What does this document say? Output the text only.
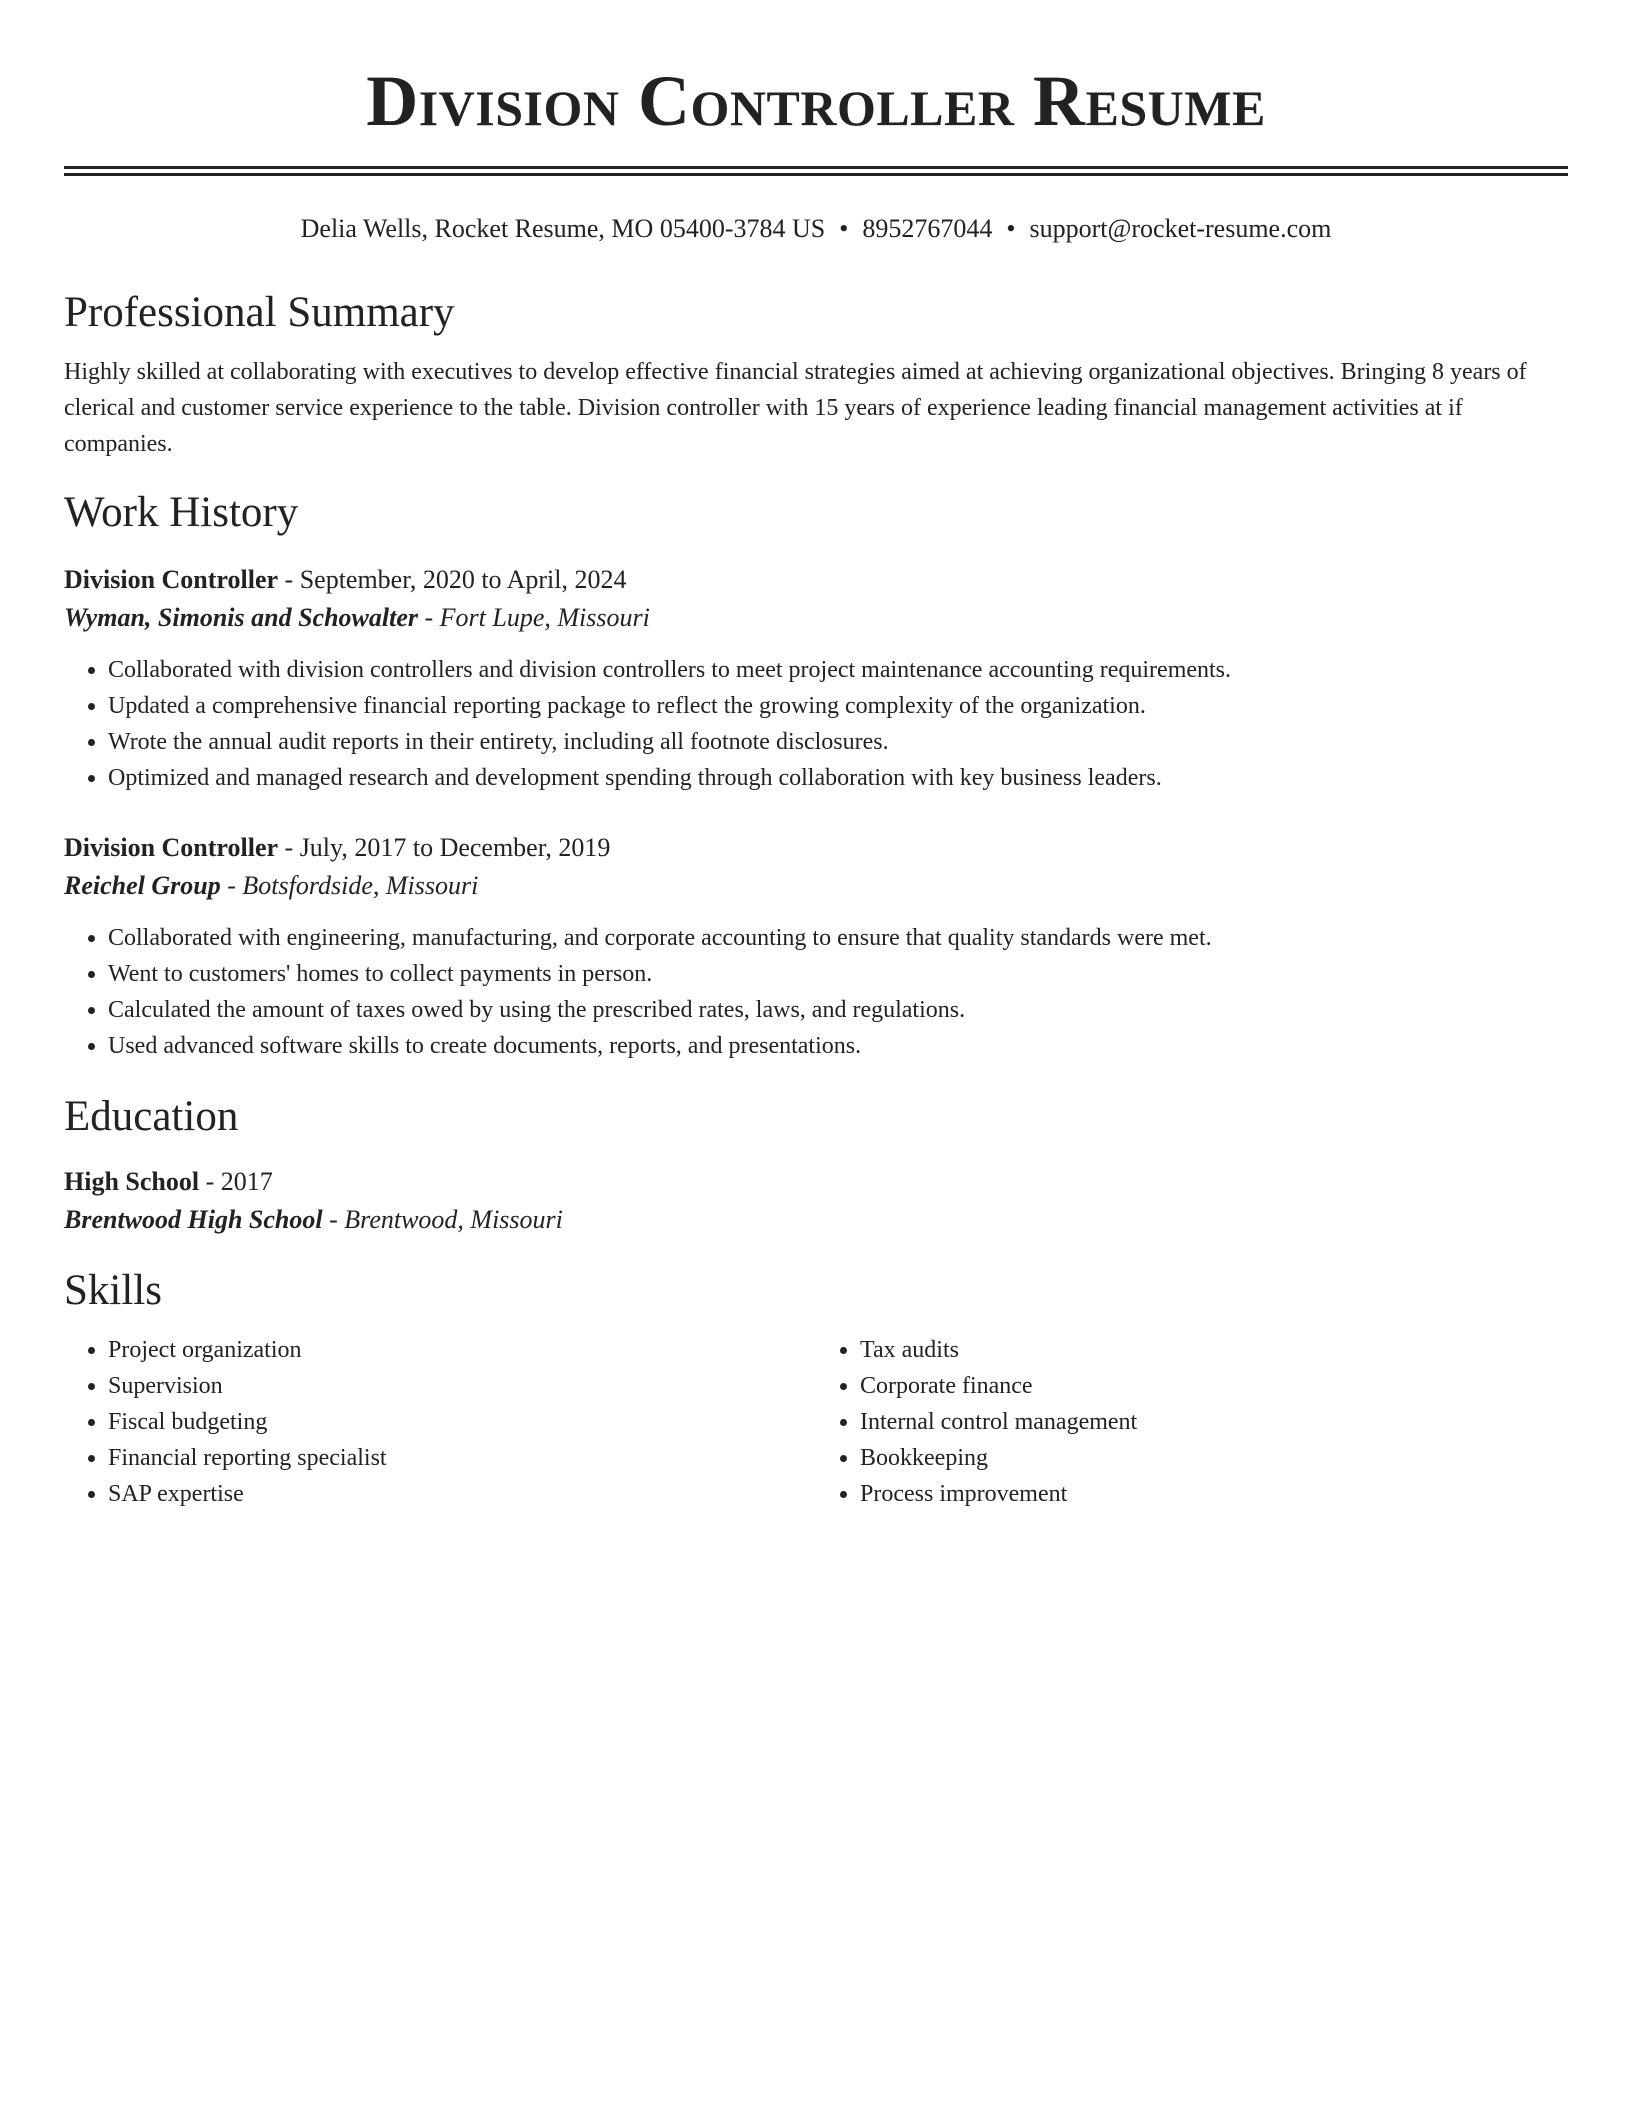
Division Controller Resume
Delia Wells, Rocket Resume, MO 05400-3784 US • 8952767044 • support@rocket-resume.com
Professional Summary

Highly skilled at collaborating with executives to develop effective financial strategies aimed at achieving organizational objectives. Bringing 8 years of clerical and customer service experience to the table. Division controller with 15 years of experience leading financial management activities at if companies.

Work History
Division Controller - September, 2020 to April, 2024
Wyman, Simonis and Schowalter - Fort Lupe, Missouri
• Collaborated with division controllers and division controllers to meet project maintenance accounting requirements.
• Updated a comprehensive financial reporting package to reflect the growing complexity of the organization.
• Wrote the annual audit reports in their entirety, including all footnote disclosures.
• Optimized and managed research and development spending through collaboration with key business leaders.
Division Controller - July, 2017 to December, 2019
Reichel Group - Botsfordside, Missouri
• Collaborated with engineering, manufacturing, and corporate accounting to ensure that quality standards were met.
• Went to customers' homes to collect payments in person.
• Calculated the amount of taxes owed by using the prescribed rates, laws, and regulations.
• Used advanced software skills to create documents, reports, and presentations.
Education
High School - 2017
Brentwood High School - Brentwood, Missouri
Skills
• Project organization
• Supervision
• Fiscal budgeting
• Financial reporting specialist
• SAP expertise
• Tax audits
• Corporate finance
• Internal control management
• Bookkeeping
• Process improvement
